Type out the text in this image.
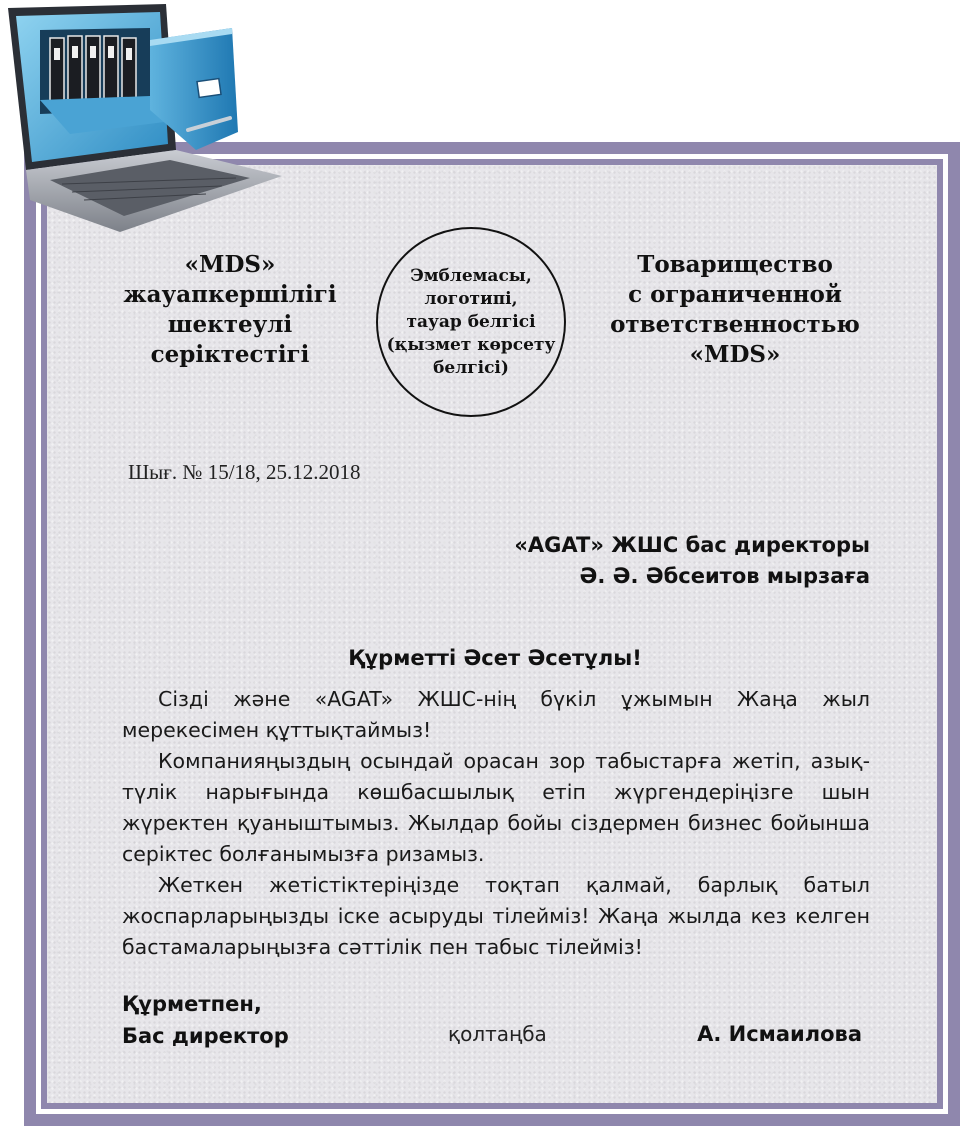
«MDS»
жауапкершілігі
шектеулі
серіктестігі
Эмблемасы,
логотипі,
тауар белгісі
(қызмет көрсету
белгісі)
Товарищество
с ограниченной
ответственностью
«MDS»
Шығ. № 15/18, 25.12.2018
«AGAT» ЖШС бас директоры
Ә. Ә. Әбсеитов мырзаға
Құрметті Әсет Әсетұлы!

Сізді және «AGAT» ЖШС-нің бүкіл ұжымын Жаңа жыл мерекесімен құттықтаймыз!

Компанияңыздың осындай орасан зор табыстарға жетіп, азық-түлік нарығында көшбасшылық етіп жүргендеріңізге шын жүректен қуаныштымыз. Жылдар бойы сіздермен бизнес бойынша серіктес болғанымызға ризамыз.

Жеткен жетістіктеріңізде тоқтап қалмай, барлық батыл жоспарларыңызды іске асыруды тілейміз! Жаңа жылда кез келген бастамаларыңызға сәттілік пен табыс тілейміз!

Құрметпен,
Бас директор	қолтаңба	А. Исмаилова
